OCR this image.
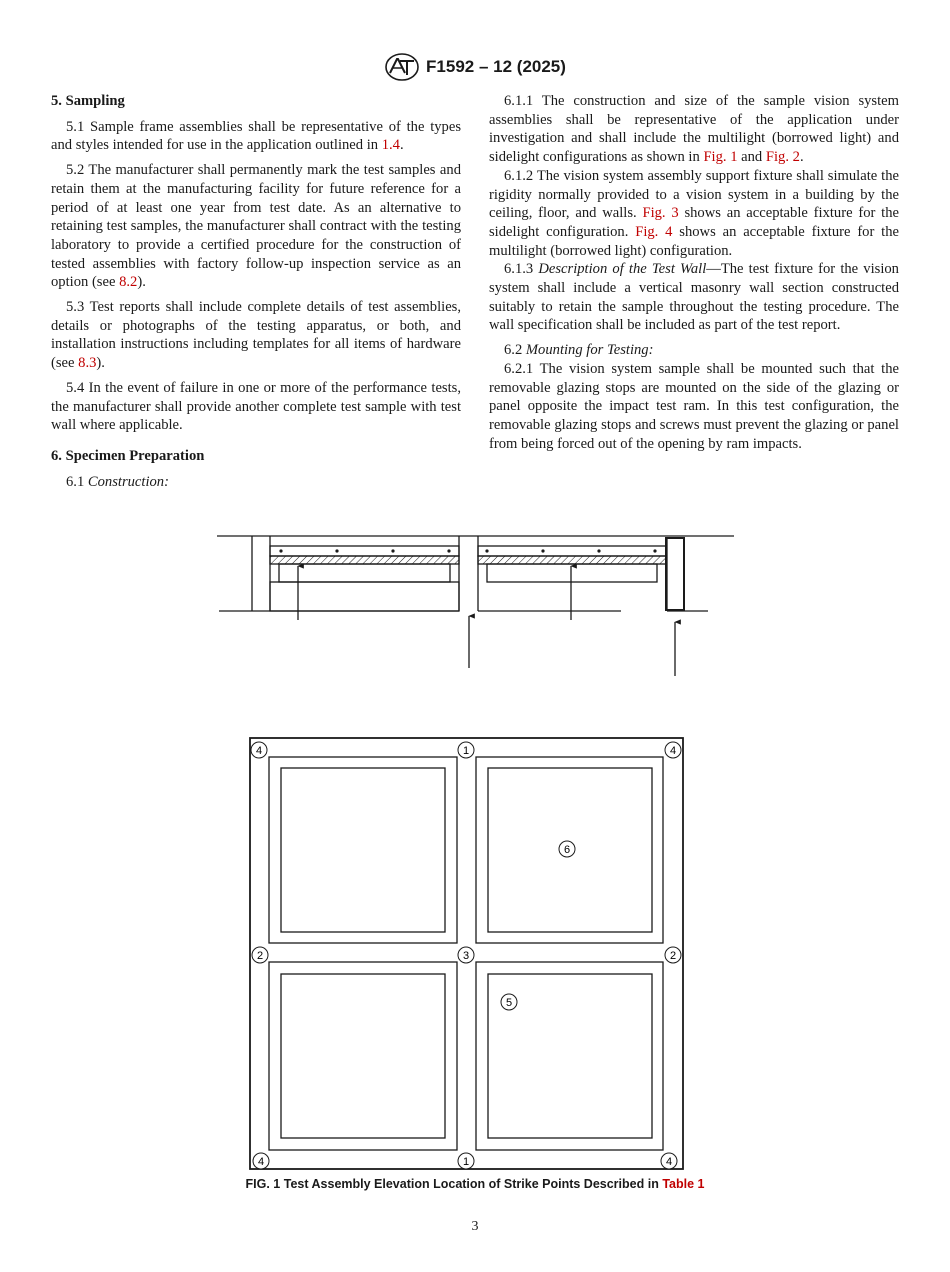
F1592 – 12 (2025)
5. Sampling

5.1 Sample frame assemblies shall be representative of the types and styles intended for use in the application outlined in 1.4.

5.2 The manufacturer shall permanently mark the test samples and retain them at the manufacturing facility for future reference for a period of at least one year from test date. As an alternative to retaining test samples, the manufacturer shall contract with the testing laboratory to provide a certified procedure for the construction of tested assemblies with factory follow-up inspection service as an option (see 8.2).

5.3 Test reports shall include complete details of test assemblies, details or photographs of the testing apparatus, or both, and installation instructions including templates for all items of hardware (see 8.3).

5.4 In the event of failure in one or more of the performance tests, the manufacturer shall provide another complete test sample with test wall where applicable.

6. Specimen Preparation

6.1 Construction:

6.1.1 The construction and size of the sample vision system assemblies shall be representative of the application under investigation and shall include the multilight (borrowed light) and sidelight configurations as shown in Fig. 1 and Fig. 2.

6.1.2 The vision system assembly support fixture shall simulate the rigidity normally provided to a vision system in a building by the ceiling, floor, and walls. Fig. 3 shows an acceptable fixture for the sidelight configuration. Fig. 4 shows an acceptable fixture for the multilight (borrowed light) configuration.

6.1.3 Description of the Test Wall—The test fixture for the vision system shall include a vertical masonry wall section constructed suitably to retain the sample throughout the testing procedure. The wall specification shall be included as part of the test report.

6.2 Mounting for Testing:

6.2.1 The vision system sample shall be mounted such that the removable glazing stops are mounted on the side of the glazing or panel opposite the impact test ram. In this test configuration, the removable glazing stops and screws must prevent the glazing or panel from being forced out of the opening by ram impacts.

4	1	4
2	3	2
4	1	4
6
5
FIG. 1 Test Assembly Elevation Location of Strike Points Described in Table 1
3
